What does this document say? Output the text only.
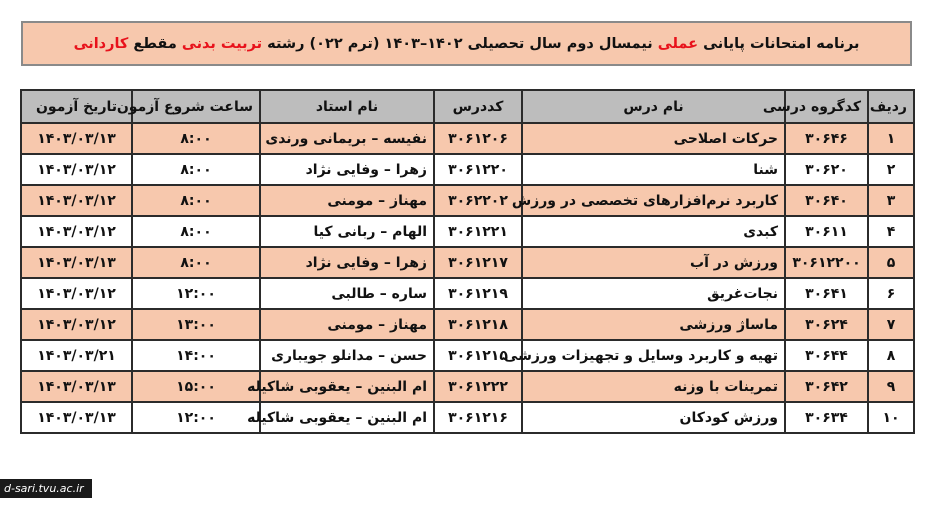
برنامه امتحانات پایانی عملی نیمسال دوم سال تحصیلی ۱۴۰۲–۱۴۰۳ (ترم ۰۲۲) رشته تربیت بدنی مقطع کاردانی
تاریخ آزمون	ساعت شروع آزمون	نام استاد	کددرس	نام درس	کدگروه درسی	ردیف
۱۴۰۳/۰۳/۱۳	۸:۰۰	نفیسه – بریمانی ورندی	۳۰۶۱۲۰۶	حرکات اصلاحی	۳۰۶۴۶	۱
۱۴۰۳/۰۳/۱۲	۸:۰۰	زهرا – وفایی نژاد	۳۰۶۱۲۲۰	شنا	۳۰۶۲۰	۲
۱۴۰۳/۰۳/۱۲	۸:۰۰	مهناز – مومنی	۳۰۶۲۲۰۲	کاربرد نرم‌افزارهای تخصصی در ورزش	۳۰۶۴۰	۳
۱۴۰۳/۰۳/۱۲	۸:۰۰	الهام – ربانی کیا	۳۰۶۱۲۲۱	کبدی	۳۰۶۱۱	۴
۱۴۰۳/۰۳/۱۳	۸:۰۰	زهرا – وفایی نژاد	۳۰۶۱۲۱۷	ورزش در آب	۳۰۶۱۲۲۰۰	۵
۱۴۰۳/۰۳/۱۲	۱۲:۰۰	ساره – طالبی	۳۰۶۱۲۱۹	نجات‌غریق	۳۰۶۴۱	۶
۱۴۰۳/۰۳/۱۲	۱۳:۰۰	مهناز – مومنی	۳۰۶۱۲۱۸	ماساژ ورزشی	۳۰۶۲۴	۷
۱۴۰۳/۰۳/۲۱	۱۴:۰۰	حسن – مدانلو جویباری	۳۰۶۱۲۱۵	تهیه و کاربرد وسایل و تجهیزات ورزشی	۳۰۶۴۴	۸
۱۴۰۳/۰۳/۱۳	۱۵:۰۰	ام البنین – یعقوبی شاکیله	۳۰۶۱۲۲۲	تمرینات با وزنه	۳۰۶۴۲	۹
۱۴۰۳/۰۳/۱۳	۱۲:۰۰	ام البنین – یعقوبی شاکیله	۳۰۶۱۲۱۶	ورزش کودکان	۳۰۶۳۴	۱۰
d-sari.tvu.ac.ir
